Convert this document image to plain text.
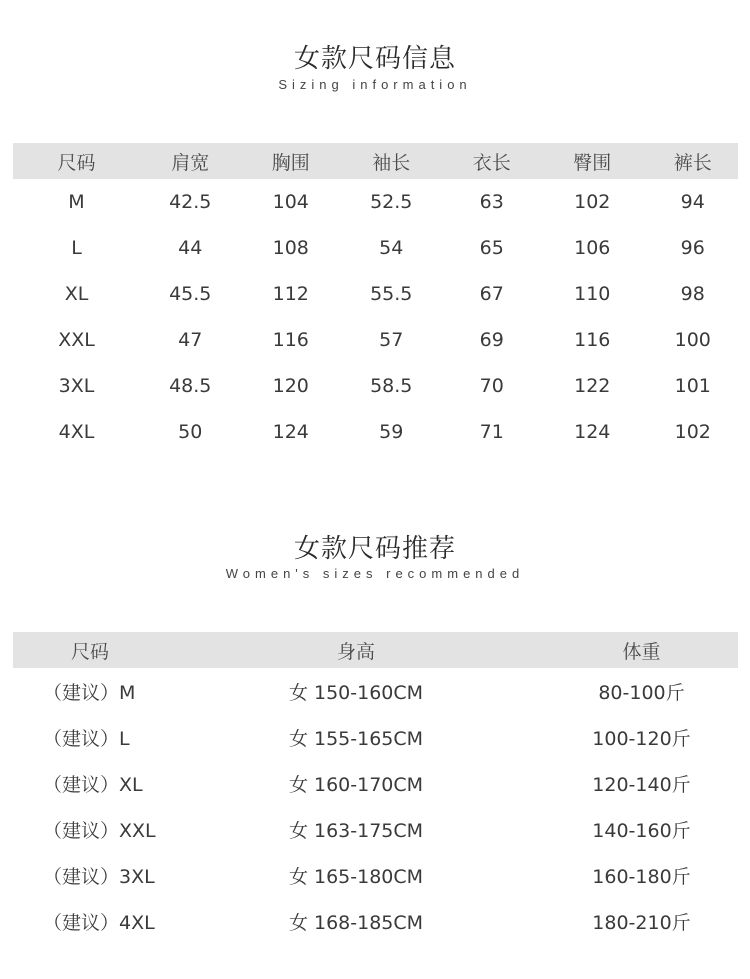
女款尺码信息
Sizing information
尺码	肩宽	胸围	袖长	衣长	臀围	裤长
M	42.5	104	52.5	63	102	94
L	44	108	54	65	106	96
XL	45.5	112	55.5	67	110	98
XXL	47	116	57	69	116	100
3XL	48.5	120	58.5	70	122	101
4XL	50	124	59	71	124	102
女款尺码推荐
Women's sizes recommended
尺码	身高	体重
（建议）M	女 150-160CM	80-100斤
（建议）L	女 155-165CM	100-120斤
（建议）XL	女 160-170CM	120-140斤
（建议）XXL	女 163-175CM	140-160斤
（建议）3XL	女 165-180CM	160-180斤
（建议）4XL	女 168-185CM	180-210斤
